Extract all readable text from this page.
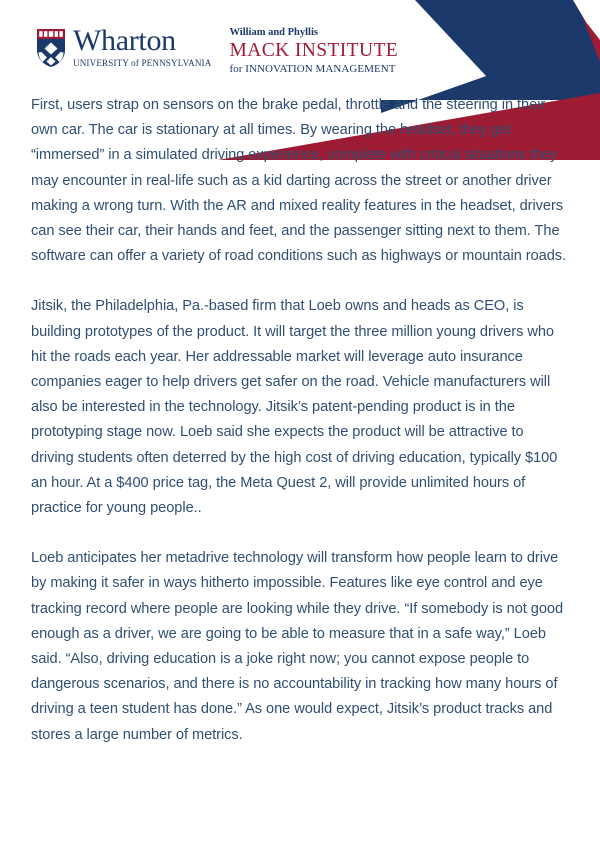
Wharton
UNIVERSITY of PENNSYLVANIA
William and Phyllis
MACK INSTITUTE
for INNOVATION MANAGEMENT

First, users strap on sensors on the brake pedal, throttle and the steering in their own car. The car is stationary at all times. By wearing the headset, they get “immersed” in a simulated driving experience, complete with critical situations they may encounter in real-life such as a kid darting across the street or another driver making a wrong turn. With the AR and mixed reality features in the headset, drivers can see their car, their hands and feet, and the passenger sitting next to them. The software can offer a variety of road conditions such as highways or mountain roads.

Jitsik, the Philadelphia, Pa.-based firm that Loeb owns and heads as CEO, is building prototypes of the product. It will target the three million young drivers who hit the roads each year. Her addressable market will leverage auto insurance companies eager to help drivers get safer on the road. Vehicle manufacturers will also be interested in the technology. Jitsik’s patent-pending product is in the prototyping stage now. Loeb said she expects the product will be attractive to driving students often deterred by the high cost of driving education, typically $100 an hour. At a $400 price tag, the Meta Quest 2, will provide unlimited hours of practice for young people..

Loeb anticipates her metadrive technology will transform how people learn to drive by making it safer in ways hitherto impossible. Features like eye control and eye tracking record where people are looking while they drive. “If somebody is not good enough as a driver, we are going to be able to measure that in a safe way,” Loeb said. “Also, driving education is a joke right now; you cannot expose people to dangerous scenarios, and there is no accountability in tracking how many hours of driving a teen student has done.” As one would expect, Jitsik’s product tracks and stores a large number of metrics.
